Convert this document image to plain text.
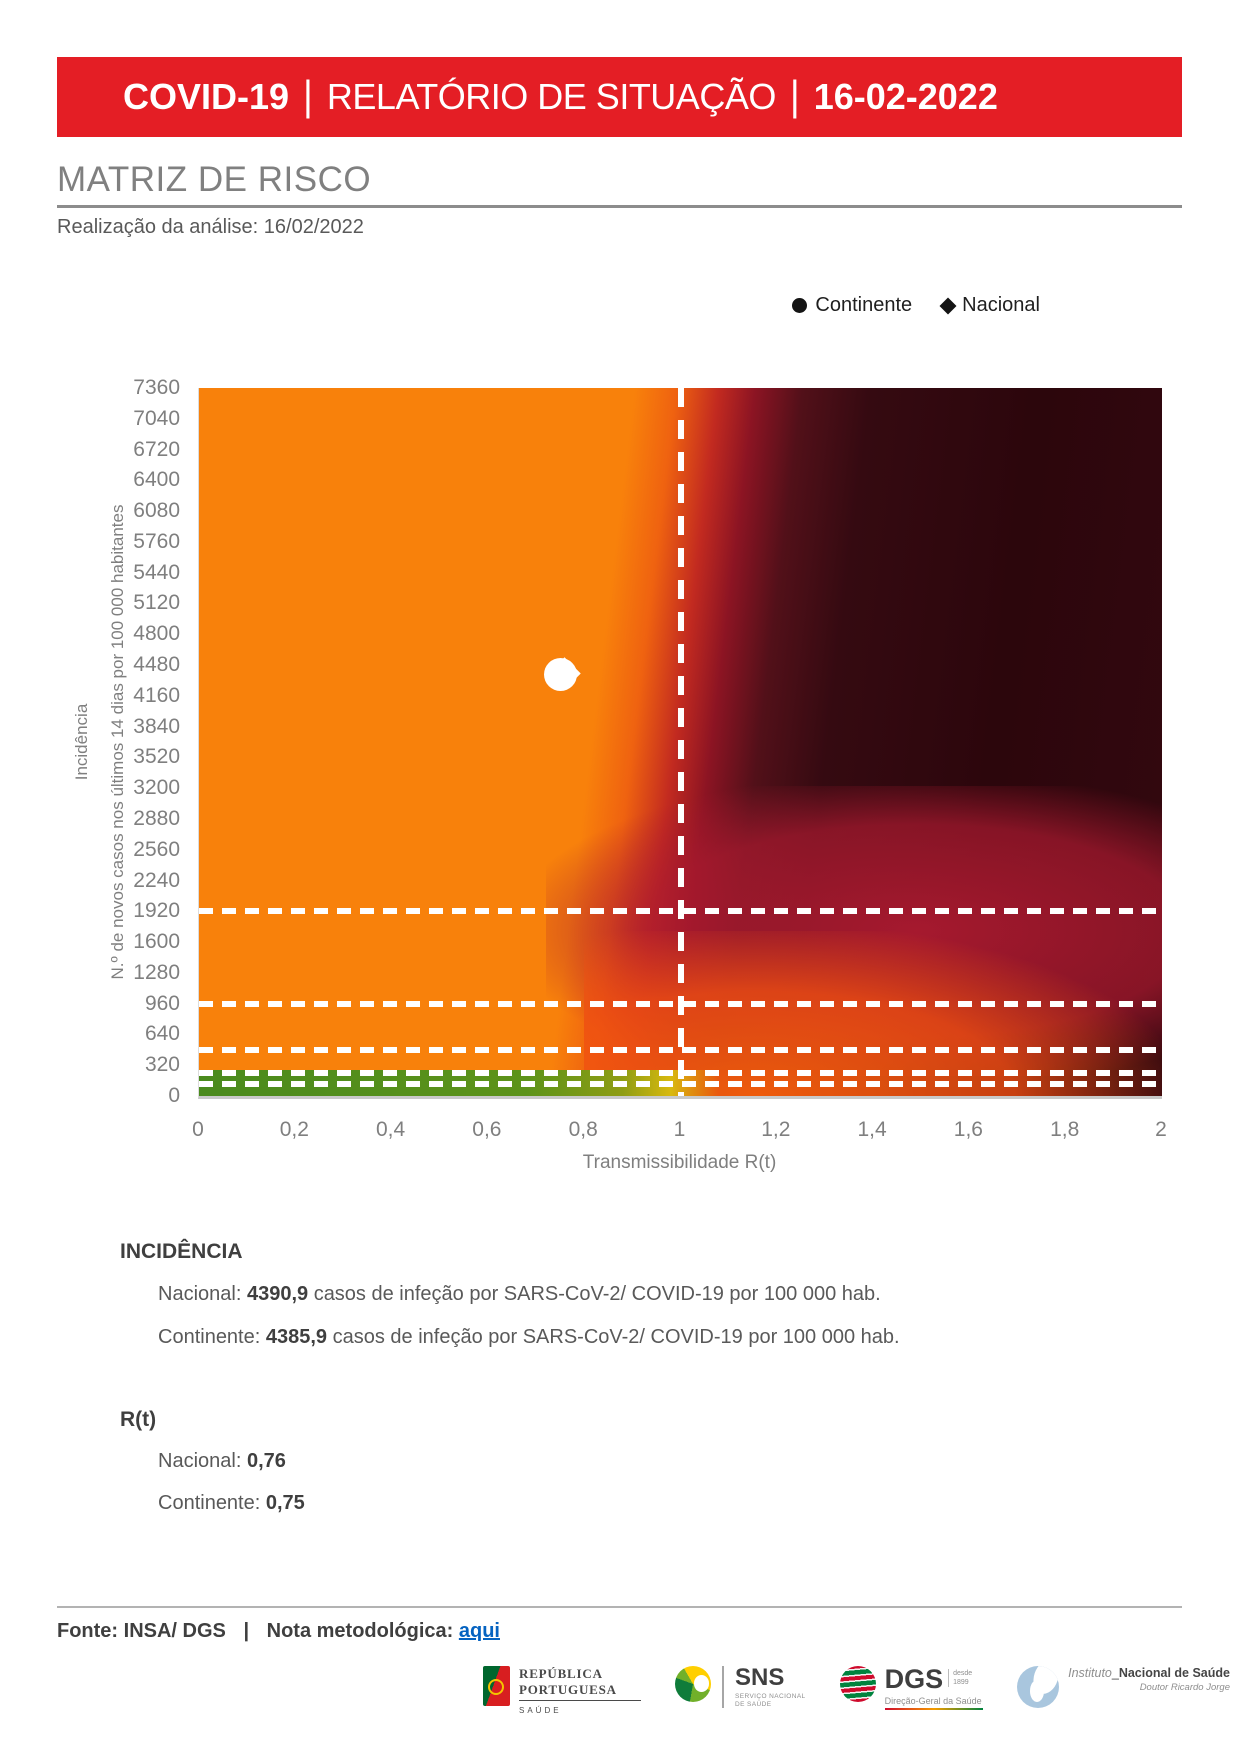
COVID-19 | RELATÓRIO DE SITUAÇÃO | 16-02-2022
MATRIZ DE RISCO
Realização da análise: 16/02/2022
Continente	Nacional
Incidência N.º de novos casos nos últimos 14 dias por 100 000 habitantes
Transmissibilidade R(t)
0
320
640
960
1280
1600
1920
2240
2560
2880
3200
3520
3840
4160
4480
4800
5120
5440
5760
6080
6400
6720
7040
7360
0	0,2	0,4	0,6	0,8	1	1,2	1,4	1,6	1,8	2
INCIDÊNCIA
Nacional: 4390,9 casos de infeção por SARS-CoV-2/ COVID-19 por 100 000 hab.
Continente: 4385,9 casos de infeção por SARS-CoV-2/ COVID-19 por 100 000 hab.
R(t)
Nacional: 0,76
Continente: 0,75
Fonte: INSA/ DGS | Nota metodológica: aqui
REPÚBLICA
PORTUGUESA
SAÚDE
SNS
SERVIÇO NACIONAL
DE SAÚDE
DGS desde
1899
Direção-Geral da Saúde
Instituto_Nacional de Saúde
Doutor Ricardo Jorge
